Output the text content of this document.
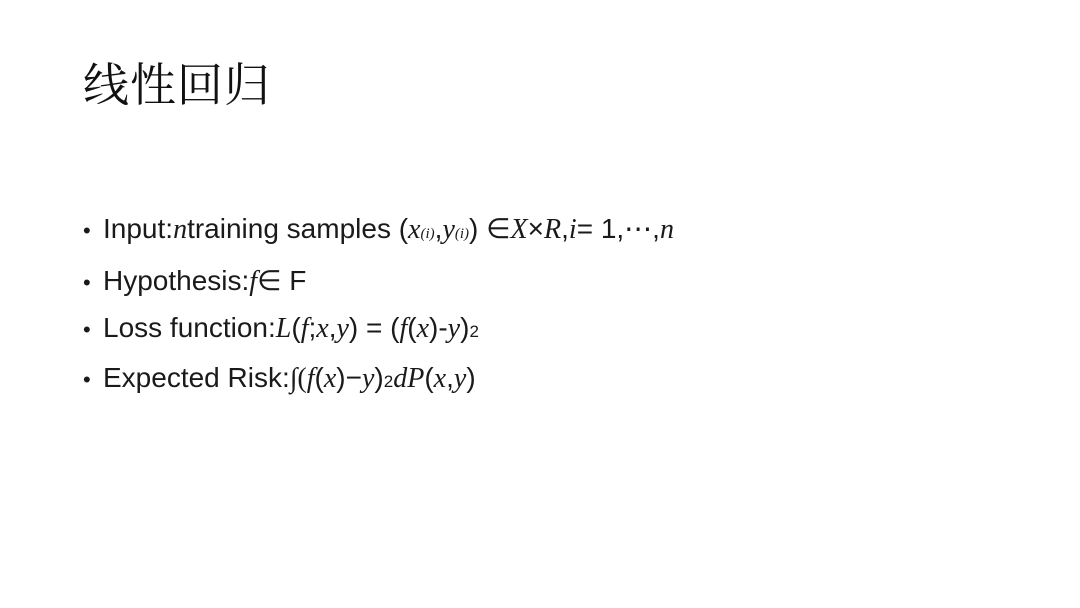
线性回归
• Input: n training samples ( x (i) , y (i) ) ∈ X × R , i = 1,⋯, n
• Hypothesis: f ∈ F
• Loss function: L ( f ; x , y ) = ( f ( x )- y ) 2
• Expected Risk: ∫( f ( x )− y ) 2 dP ( x , y )
